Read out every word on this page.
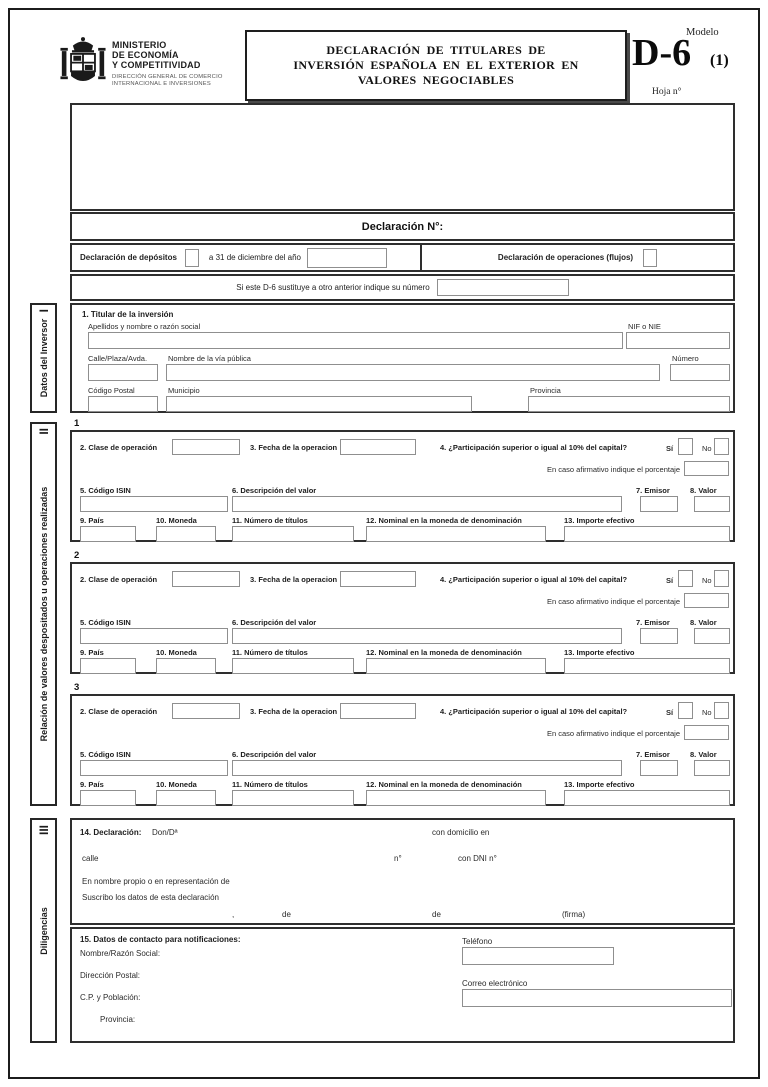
MINISTERIO
DE ECONOMÍA
Y COMPETITIVIDAD
DIRECCIÓN GENERAL DE COMERCIO
INTERNACIONAL E INVERSIONES
DECLARACIÓN DE TITULARES DE INVERSIÓN ESPAÑOLA EN EL EXTERIOR EN VALORES NEGOCIABLES
Modelo
D-6 (1)
Hoja n°
Declaración N°:
Declaración de depósitos	a 31 de diciembre del año	Declaración de operaciones (flujos)
Si este D-6 sustituye a otro anterior indique su número
Datos del Inversor
I	1. Titular de la inversión
Apellidos y nombre o razón social	NIF o NIE
Calle/Plaza/Avda.	Nombre de la vía pública	Número
Código Postal	Municipio	Provincia
Relación de valores despositados u operaciones realizadas
II
1
2. Clase de operación	3. Fecha de la operacion	4. ¿Participación superior o igual al 10% del capital?	Sí	No
En caso afirmativo indique el porcentaje
5. Código ISIN	6. Descripción del valor	7. Emisor	8. Valor
9. País	10. Moneda	11. Número de títulos	12. Nominal en la moneda de denominación	13. Importe efectivo
2
2. Clase de operación	3. Fecha de la operacion	4. ¿Participación superior o igual al 10% del capital?	Sí	No
En caso afirmativo indique el porcentaje
5. Código ISIN	6. Descripción del valor	7. Emisor	8. Valor
9. País	10. Moneda	11. Número de títulos	12. Nominal en la moneda de denominación	13. Importe efectivo
3
2. Clase de operación	3. Fecha de la operacion	4. ¿Participación superior o igual al 10% del capital?	Sí	No
En caso afirmativo indique el porcentaje
5. Código ISIN	6. Descripción del valor	7. Emisor	8. Valor
9. País	10. Moneda	11. Número de títulos	12. Nominal en la moneda de denominación	13. Importe efectivo
Diligencias
III	14. Declaración: Don/Dª	con domicilio en
calle	n°	con DNI n°
En nombre propio o en representación de
Suscribo los datos de esta declaración
,	de	de	(firma)
15. Datos de contacto para notificaciones:
Nombre/Razón Social:
Dirección Postal:
C.P. y Población:
Provincia:
Teléfono
Correo electrónico
